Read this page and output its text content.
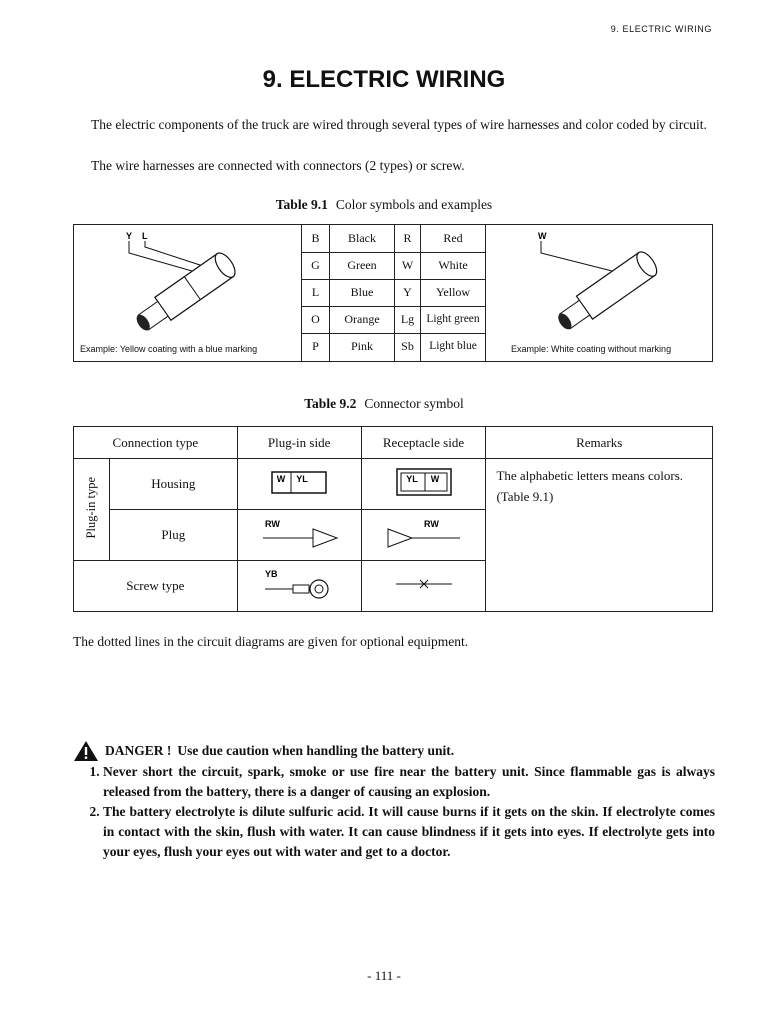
9. ELECTRIC WIRING
9. ELECTRIC WIRING
The electric components of the truck are wired through several types of wire harnesses and color coded by circuit.
The wire harnesses are connected with connectors (2 types) or screw.
Table 9.1 Color symbols and examples
Y L
Example: Yellow coating with a blue marking
B	Black	R	Red
G	Green	W	White
L	Blue	Y	Yellow
O	Orange	Lg	Light green
P	Pink	Sb	Light blue
W
Example: White coating without marking
Table 9.2 Connector symbol
Connection type		Plug-in side	Receptacle side	Remarks
Plug-in type	Housing	W YL	YL W	The alphabetic letters means colors. (Table 9.1)
	Plug	RW	RW	

Screw type		YB

The dotted lines in the circuit diagrams are given for optional equipment.
DANGER ! Use due caution when handling the battery unit.
1. Never short the circuit, spark, smoke or use fire near the battery unit. Since flammable gas is always released from the battery, there is a danger of causing an explosion.
2. The battery electrolyte is dilute sulfuric acid. It will cause burns if it gets on the skin. If electrolyte comes in contact with the skin, flush with water. It can cause blindness if it gets into eyes. If electrolyte gets into your eyes, flush your eyes out with water and get to a doctor.
- 111 -
